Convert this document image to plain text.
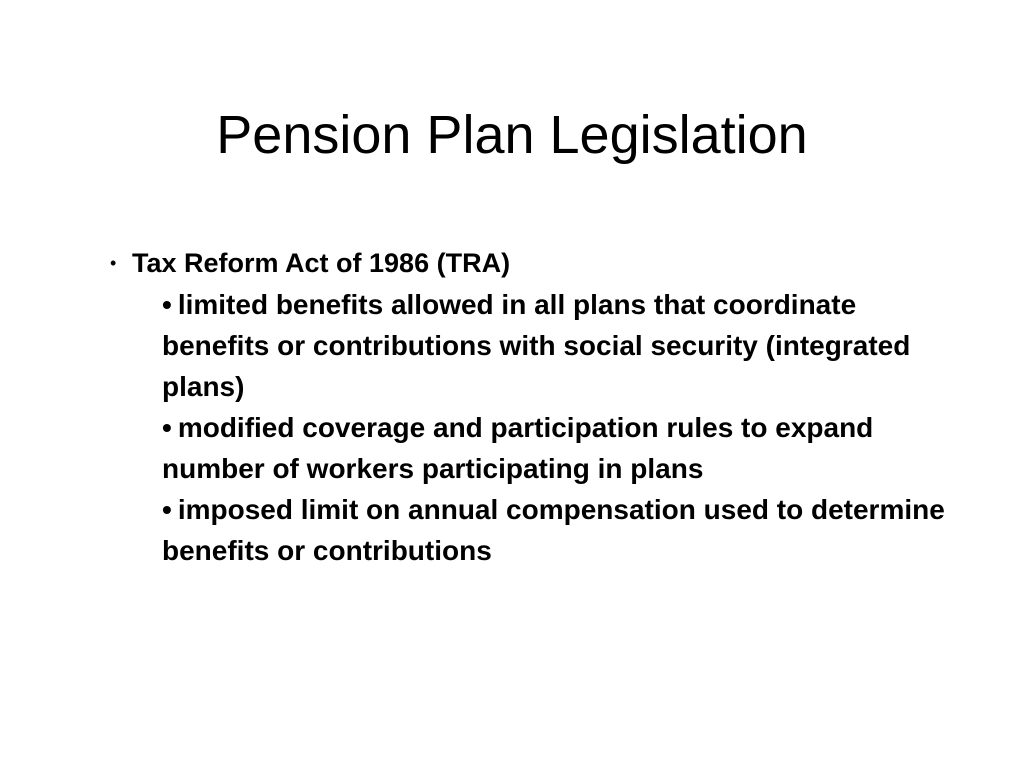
Pension Plan Legislation
• Tax Reform Act of 1986 (TRA)
• limited benefits allowed in all plans that coordinate benefits or contributions with social security (integrated plans)
• modified coverage and participation rules to expand number of workers participating in plans
• imposed limit on annual compensation used to determine benefits or contributions
